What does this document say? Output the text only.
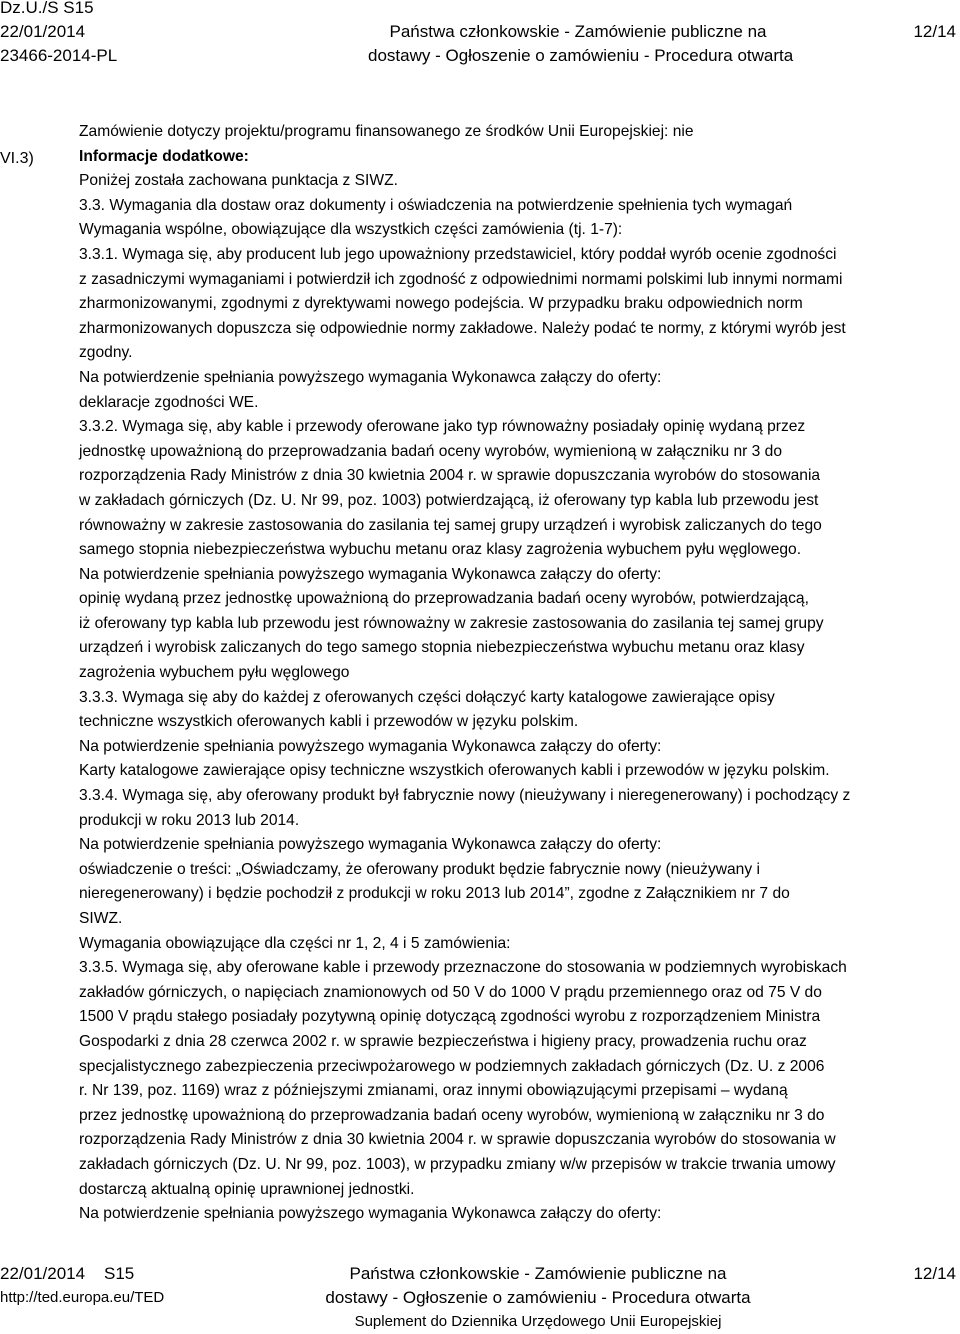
Dz.U./S S15
22/01/2014
23466-2014-PL
Państwa członkowskie - Zamówienie publiczne na
dostawy - Ogłoszenie o zamówieniu - Procedura otwarta
12/14
VI.3)

Zamówienie dotyczy projektu/programu finansowanego ze środków Unii Europejskiej: nie

Informacje dodatkowe:

Poniżej została zachowana punktacja z SIWZ.

3.3. Wymagania dla dostaw oraz dokumenty i oświadczenia na potwierdzenie spełnienia tych wymagań

Wymagania wspólne, obowiązujące dla wszystkich części zamówienia (tj. 1-7):

3.3.1. Wymaga się, aby producent lub jego upoważniony przedstawiciel, który poddał wyrób ocenie zgodności

z zasadniczymi wymaganiami i potwierdził ich zgodność z odpowiednimi normami polskimi lub innymi normami

zharmonizowanymi, zgodnymi z dyrektywami nowego podejścia. W przypadku braku odpowiednich norm

zharmonizowanych dopuszcza się odpowiednie normy zakładowe. Należy podać te normy, z którymi wyrób jest

zgodny.

Na potwierdzenie spełniania powyższego wymagania Wykonawca załączy do oferty:

deklaracje zgodności WE.

3.3.2. Wymaga się, aby kable i przewody oferowane jako typ równoważny posiadały opinię wydaną przez

jednostkę upoważnioną do przeprowadzania badań oceny wyrobów, wymienioną w załączniku nr 3 do

rozporządzenia Rady Ministrów z dnia 30 kwietnia 2004 r. w sprawie dopuszczania wyrobów do stosowania

w zakładach górniczych (Dz. U. Nr 99, poz. 1003) potwierdzającą, iż oferowany typ kabla lub przewodu jest

równoważny w zakresie zastosowania do zasilania tej samej grupy urządzeń i wyrobisk zaliczanych do tego

samego stopnia niebezpieczeństwa wybuchu metanu oraz klasy zagrożenia wybuchem pyłu węglowego.

Na potwierdzenie spełniania powyższego wymagania Wykonawca załączy do oferty:

opinię wydaną przez jednostkę upoważnioną do przeprowadzania badań oceny wyrobów, potwierdzającą,

iż oferowany typ kabla lub przewodu jest równoważny w zakresie zastosowania do zasilania tej samej grupy

urządzeń i wyrobisk zaliczanych do tego samego stopnia niebezpieczeństwa wybuchu metanu oraz klasy

zagrożenia wybuchem pyłu węglowego

3.3.3. Wymaga się aby do każdej z oferowanych części dołączyć karty katalogowe zawierające opisy

techniczne wszystkich oferowanych kabli i przewodów w języku polskim.

Na potwierdzenie spełniania powyższego wymagania Wykonawca załączy do oferty:

Karty katalogowe zawierające opisy techniczne wszystkich oferowanych kabli i przewodów w języku polskim.

3.3.4. Wymaga się, aby oferowany produkt był fabrycznie nowy (nieużywany i nieregenerowany) i pochodzący z

produkcji w roku 2013 lub 2014.

Na potwierdzenie spełniania powyższego wymagania Wykonawca załączy do oferty:

oświadczenie o treści: „Oświadczamy, że oferowany produkt będzie fabrycznie nowy (nieużywany i

nieregenerowany) i będzie pochodził z produkcji w roku 2013 lub 2014”, zgodne z Załącznikiem nr 7 do

SIWZ.

Wymagania obowiązujące dla części nr 1, 2, 4 i 5 zamówienia:

3.3.5. Wymaga się, aby oferowane kable i przewody przeznaczone do stosowania w podziemnych wyrobiskach

zakładów górniczych, o napięciach znamionowych od 50 V do 1000 V prądu przemiennego oraz od 75 V do

1500 V prądu stałego posiadały pozytywną opinię dotyczącą zgodności wyrobu z rozporządzeniem Ministra

Gospodarki z dnia 28 czerwca 2002 r. w sprawie bezpieczeństwa i higieny pracy, prowadzenia ruchu oraz

specjalistycznego zabezpieczenia przeciwpożarowego w podziemnych zakładach górniczych (Dz. U. z 2006

r. Nr 139, poz. 1169) wraz z późniejszymi zmianami, oraz innymi obowiązującymi przepisami – wydaną

przez jednostkę upoważnioną do przeprowadzania badań oceny wyrobów, wymienioną w załączniku nr 3 do

rozporządzenia Rady Ministrów z dnia 30 kwietnia 2004 r. w sprawie dopuszczania wyrobów do stosowania w

zakładach górniczych (Dz. U. Nr 99, poz. 1003), w przypadku zmiany w/w przepisów w trakcie trwania umowy

dostarczą aktualną opinię uprawnionej jednostki.

Na potwierdzenie spełniania powyższego wymagania Wykonawca załączy do oferty:

22/01/2014    S15
http://ted.europa.eu/TED
Państwa członkowskie - Zamówienie publiczne na
dostawy - Ogłoszenie o zamówieniu - Procedura otwarta
Suplement do Dziennika Urzędowego Unii Europejskiej
12/14
